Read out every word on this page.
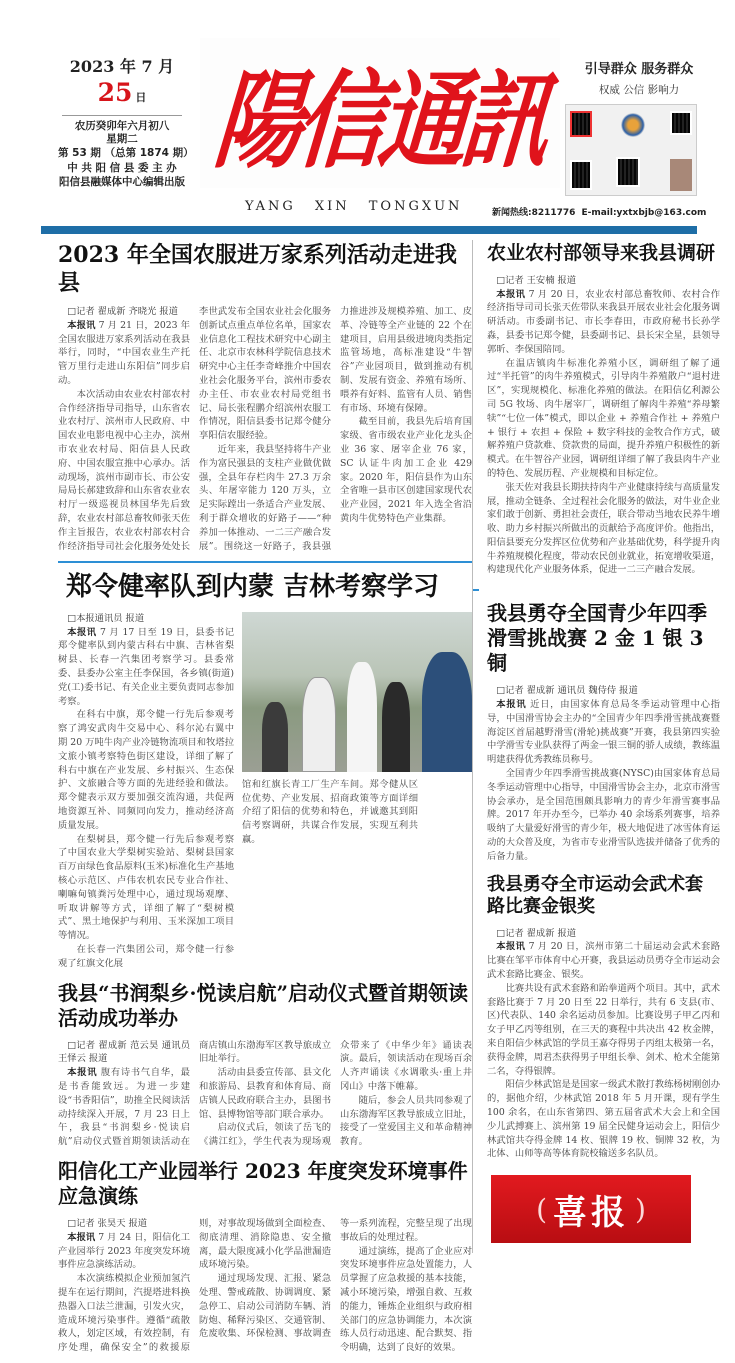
2023 年 7 月
25 日
农历癸卯年六月初八
星期二
第 53 期 （总第 1874 期）
中 共 阳 信 县 委 主 办
阳信县融媒体中心编辑出版 陽信通訊
YANG XIN TONGXUN
引导群众 服务群众
权威 公信 影响力
新闻热线:8211776 E-mail:yxtxbjb@163.com
2023 年全国农服进万家系列活动走进我县

□记者 翟成新 齐晓光 报道

本报讯 7 月 21 日，2023 年全国农服进万家系列活动在我县举行，同时，“中国农业生产托管万里行走进山东阳信”同步启动。

本次活动由农业农村部农村合作经济指导司指导，山东省农业农村厅、滨州市人民政府、中国农业电影电视中心主办，滨州市农业农村局、阳信县人民政府、中国农服宣推中心承办。活动现场，滨州市副市长、市公安局局长郝建致辞和山东省农业农村厅一级巡视员林国华先后致辞，农业农村部总畜牧师张天佐作主旨报告，农业农村部农村合作经济指导司社会化服务处处长李世武发布全国农业社会化服务创新试点重点单位名单，国家农业信息化工程技术研究中心副主任、北京市农林科学院信息技术研究中心主任李奇峰推介中国农业社会化服务平台，滨州市委农办主任、市农业农村局党组书记、局长张程鹏介绍滨州农服工作情况，阳信县委书记郑令健分享阳信农服经验。

近年来，我县坚持将牛产业作为富民强县的支柱产业做优做强，全县年存栏肉牛 27.3 万余头、年屠宰能力 120 万头，立足实际蹚出一条适合产业发展、利于群众增收的好路子——“种养加一体推动、一二三产融合发展”。围绕这一好路子，我县强力推进涉及规模养殖、加工、皮革、冷链等全产业链的 22 个在建项目，启用县级进境肉类指定监管场地，高标准建设“牛智谷”产业园项目，做到推动有机制、发展有资金、养殖有场所、喂养有好料、监管有人员、销售有市场、环境有保障。

截至目前，我县先后培育国家级、省市级农业产业化龙头企业 36 家、屠宰企业 76 家，SC 认证牛肉加工企业 429 家。2020 年，阳信县作为山东全省唯一县市区创建国家现代农业产业园，2021 年入选全省沿黄肉牛优势特色产业集群。

郑令健率队到内蒙 吉林考察学习

□本报通讯员 报道

本报讯 7 月 17 日至 19 日，县委书记郑令健率队到内蒙古科右中旗、吉林省梨树县、长春一汽集团考察学习。县委常委、县委办公室主任李保国，各乡镇(街道)党(工)委书记、有关企业主要负责同志参加考察。

在科右中旗，郑令健一行先后参观考察了鸿安武肉牛交易中心、科尔沁右翼中期 20 万吨牛肉产业冷链物流项目和牧塔拉文旅小镇考察特色街区建设，详细了解了科右中旗在产业发展、乡村振兴、生态保护、文旅融合等方面的先进经验和做法。郑令健表示双方要加强交流沟通，共促两地资源互补、同频同向发力，推动经济高质量发展。

在梨树县，郑令健一行先后参观考察了中国农业大学梨树实验站、梨树县国家百万亩绿色食品原料(玉米)标准化生产基地核心示范区、卢伟农机农民专业合作社、喇嘛甸镇粪污处理中心，通过现场观摩、听取讲解等方式，详细了解了“梨树模式”、黑土地保护与利用、玉米深加工项目等情况。

在长春一汽集团公司，郑令健一行参观了红旗文化展

馆和红旗长青工厂生产车间。郑令健从区位优势、产业发展、招商政策等方面详细介绍了阳信的优势和特色，并诚邀其到阳信考察调研，共谋合作发展，实现互利共赢。

我县“书润梨乡·悦读启航”启动仪式暨首期领读活动成功举办

□记者 翟成新 范云昊 通讯员 王怿云 报道

本报讯 腹有诗书气自华，最是书香能致远。为进一步建设“书香阳信”，助推全民阅读活动持续深入开展，7 月 23 日上午，我县“书润梨乡·悦读启航”启动仪式暨首期领读活动在商店镇山东渤海军区教导旅成立旧址举行。

活动由县委宣传部、县文化和旅游局、县教育和体育局、商店镇人民政府联合主办，县图书馆、县博物馆等部门联合承办。

启动仪式后，领读了岳飞的《满江红》，学生代表为现场观众带来了《中华少年》诵读表演。最后，领读活动在现场百余人齐声诵读《水调歌头·重上井冈山》中落下帷幕。

随后，参会人员共同参观了山东渤海军区教导旅成立旧址，接受了一堂爱国主义和革命精神教育。

阳信化工产业园举行 2023 年度突发环境事件应急演练

□记者 张昊天 报道

本报讯 7 月 24 日，阳信化工产业园举行 2023 年度突发环境事件应急演练活动。

本次演练模拟企业预加氢汽提车在运行期间，汽提塔进料换热器入口法兰泄漏，引发火灾，造成环境污染事件。遵循“疏散救人，划定区域，有效控制，有序处理，确保安全”的救援原则，对事故现场做到全面检查、彻底清理、消除隐患、安全撤离，最大限度减小化学品泄漏造成环境污染。

通过现场发现、汇报、紧急处理、警戒疏散、协调调度、紧急停工、启动公司消防车辆、消防炮、稀释污染区、交通管制、危废收集、环保检测、事故调查等一系列流程，完整呈现了出现事故后的处理过程。

通过演练，提高了企业应对突发环境事件应急处置能力，人员掌握了应急救援的基本技能，减小环境污染，增强自救、互救的能力，锤炼企业组织与政府相关部门的应急协调能力，本次演练人员行动迅速、配合默契、指令明确，达到了良好的效果。

农业农村部领导来我县调研

□记者 王安楠 报道

本报讯 7 月 20 日，农业农村部总畜牧师、农村合作经济指导司司长张天佐带队来我县开展农业社会化服务调研活动。市委副书记、市长李春田，市政府秘书长孙学淼，县委书记郑令健，县委副书记、县长宋全星，县领导郭昕、李保国陪同。

在温店镇肉牛标准化养殖小区，调研组了解了通过“半托管”的肉牛养殖模式，引导肉牛养殖散户“退村进区”，实现规模化、标准化养殖的做法。在阳信亿利源公司 5G 牧场、肉牛屠宰厂，调研组了解肉牛养殖“养母繁犊”“七位一体”模式，即以企业 + 养殖合作社 + 养殖户 + 银行 + 农担 + 保险 + 数字科技的金牧合作方式，破解养殖户贷款难、贷款贵的局面，提升养殖户积极性的新模式。在牛智谷产业园，调研组详细了解了我县肉牛产业的特色、发展历程、产业规模和目标定位。

张天佐对我县长期扶持肉牛产业健康持续与高质量发展，推动全链条、全过程社会化服务的做法，对牛业企业家们敢于创新、勇担社会责任，联合带动当地农民养牛增收、助力乡村振兴所做出的贡献给予高度评价。他指出，阳信县要充分发挥区位优势和产业基础优势，科学提升肉牛养殖规模化程度，带动农民创业就业，拓宽增收渠道，构建现代化产业服务体系，促进一二三产融合发展。

我县勇夺全国青少年四季
滑雪挑战赛 2 金 1 银 3 铜

□记者 翟成新 通讯员 魏侍侍 报道

本报讯 近日，由国家体育总局冬季运动管理中心指导，中国滑雪协会主办的“全国青少年四季滑雪挑战赛暨海淀区首届越野滑雪(滑轮)挑战赛”开赛，我县第四实验中学滑雪专业队获得了两金一银三铜的骄人成绩，教练温明建获得优秀教练员称号。

全国青少年四季滑雪挑战赛(NYSC)由国家体育总局冬季运动管理中心指导，中国滑雪协会主办，北京市滑雪协会承办，是全国范围颇具影响力的青少年滑雪赛事品牌。2017 年开办至今，已举办 40 余场系列赛事，培养吸纳了大量爱好滑雪的青少年，极大地促进了冰雪体育运动的大众普及度，为省市专业滑雪队选拔并储备了优秀的后备力量。

我县勇夺全市运动会武术套路比赛金银奖

□记者 翟成新 报道

本报讯 7 月 20 日，滨州市第二十届运动会武术套路比赛在邹平市体育中心开赛，我县运动员勇夺全市运动会武术套路比赛金、银奖。

比赛共设有武术套路和跆拳道两个项目。其中，武术套路比赛于 7 月 20 日至 22 日举行，共有 6 支县(市、区)代表队、140 余名运动员参加。比赛设男子甲乙丙和女子甲乙丙等组别，在三天的赛程中共决出 42 枚金牌，来自阳信少林武馆的学员王嘉夺得男子丙组太极第一名，获得金牌，周君杰获得男子甲组长拳、剑术、枪术全能第二名，夺得银牌。

阳信少林武馆是是国家一级武术散打教练杨树刚创办的，据他介绍，少林武馆 2018 年 5 月开课，现有学生 100 余名，在山东省第四、第五届省武术大会上和全国少儿武搏赛上、滨州第 19 届全民健身运动会上，阳信少林武馆共夺得金牌 14 枚、银牌 19 枚、铜牌 32 枚，为北体、山师等高等体育院校输送多名队员。

( 喜报 )
